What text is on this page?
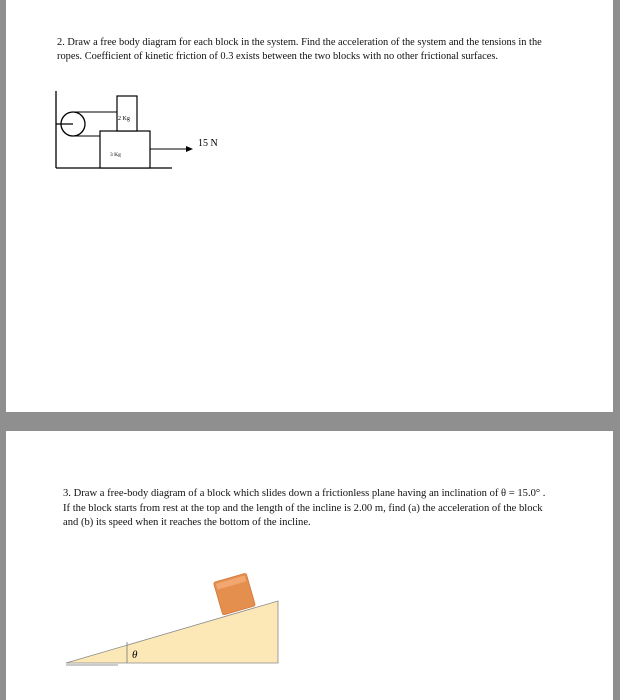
2. Draw a free body diagram for each block in the system. Find the acceleration of the system and the tensions in the ropes. Coefficient of kinetic friction of 0.3 exists between the two blocks with no other frictional surfaces.

2 Kg
3 Kg
15 N

3. Draw a free-body diagram of a block which slides down a frictionless plane having an inclination of θ = 15.0° . If the block starts from rest at the top and the length of the incline is 2.00 m, find (a) the acceleration of the block and (b) its speed when it reaches the bottom of the incline.

θ
